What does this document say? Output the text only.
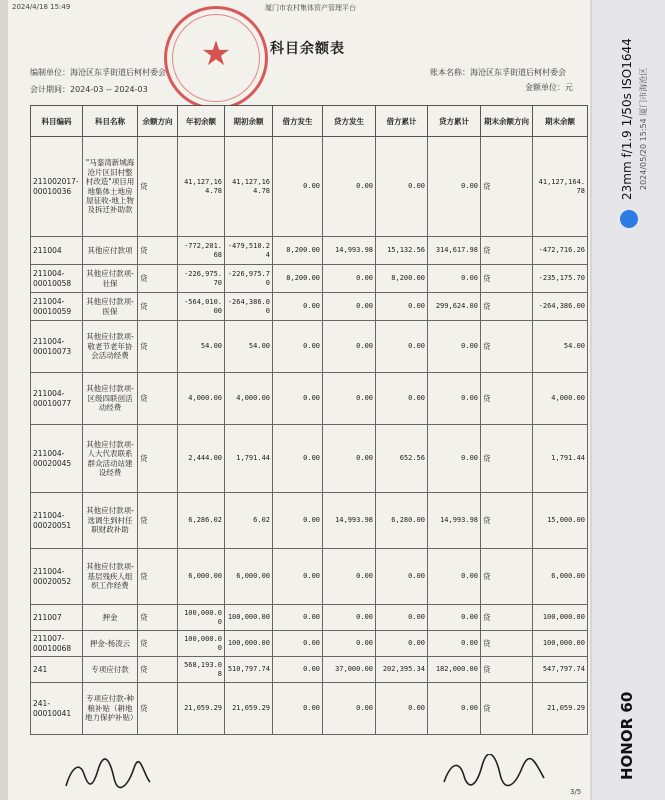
2024/4/18 15:49	厦门市农村集体资产管理平台
★	科目余额表
编制单位：海沧区东孚街道后柯村委会
会计期间：2024-03 -- 2024-03
账本名称：海沧区东孚街道后柯村委会
金额单位：元
科目编码	科目名称	余额方向	年初余额	期初余额	借方发生	贷方发生	借方累计	贷方累计	期末余额方向	期末余额
211002017-00010036	"马銮湾新城海沧片区旧村整村改造"项目用地集体土地房屋征收-地上物及拆迁补助款	贷	41,127,164.78	41,127,164.78	0.00	0.00	0.00	0.00	贷	41,127,164.78
211004	其他应付款项	贷	-772,201.68	-479,510.24	8,200.00	14,993.98	15,132.56	314,617.98	贷	-472,716.26
211004-00010058	其他应付款项-社保	贷	-226,975.70	-226,975.70	8,200.00	0.00	8,200.00	0.00	贷	-235,175.70
211004-00010059	其他应付款项-医保	贷	-564,010.00	-264,386.00	0.00	0.00	0.00	299,624.00	贷	-264,386.00
211004-00010073	其他应付款项-敬老节老年协会活动经费	贷	54.00	54.00	0.00	0.00	0.00	0.00	贷	54.00
211004-00010077	其他应付款项-区级四联创活动经费	贷	4,000.00	4,000.00	0.00	0.00	0.00	0.00	贷	4,000.00
211004-00020045	其他应付款项-人大代表联系群众活动站建设经费	贷	2,444.00	1,791.44	0.00	0.00	652.56	0.00	贷	1,791.44
211004-00020051	其他应付款项-选调生到村任职财政补助	贷	6,286.02	6.02	0.00	14,993.98	6,280.00	14,993.98	贷	15,000.00
211004-00020052	其他应付款项-基层残疾人组织工作经费	贷	6,000.00	6,000.00	0.00	0.00	0.00	0.00	贷	6,000.00
211007	押金	贷	100,000.00	100,000.00	0.00	0.00	0.00	0.00	贷	100,000.00
211007-00010068	押金-杨凌云	贷	100,000.00	100,000.00	0.00	0.00	0.00	0.00	贷	100,000.00
241	专项应付款	贷	568,193.08	510,797.74	0.00	37,000.00	202,395.34	182,000.00	贷	547,797.74
241-00010041	专项应付款-种粮补贴（耕地地力保护补贴）	贷	21,059.29	21,059.29	0.00	0.00	0.00	0.00	贷	21,059.29
3/5
23mm f/1.9 1/50s ISO1644 2024/05/20 15:54 厦门市海沧区
HONOR 60
